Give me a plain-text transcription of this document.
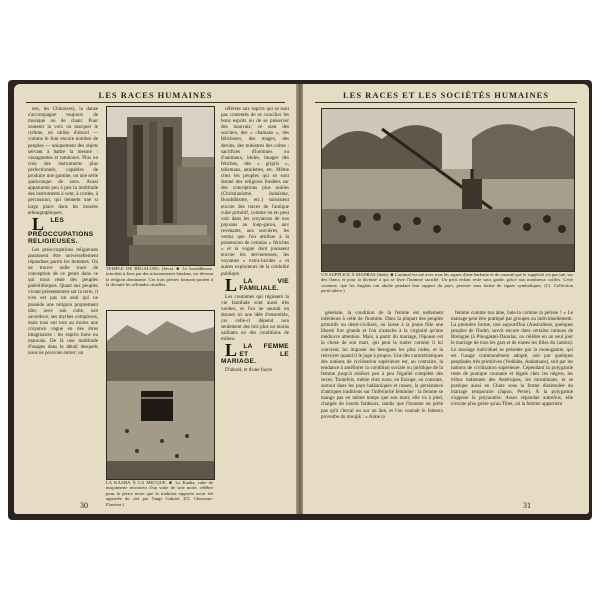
LES RACES HUMAINES

nes, les Chinoises), la danse s'accompagne toujours de musique ou de chant. Pour soutenir la voix ou marquer le rythme, on utilise d'abord — comme le font encore nombre de peuples — uniquement des objets servant à battre la mesure : castagnettes et tambours. Plus on créa des instruments plus perfectionnés, capables de produire une gamme, on une série quelconque de sons. Aussi apparurent peu à peu la multitude des instruments à vent, à cordes, à percussion, qui tiennent une si large place dans les musées ethnographiques.

LLES PRÉOCCUPATIONS RELIGIEUSES.

Les préoccupations religieuses paraissent être universellement répandues parmi les hommes. On ne trouve nulle trace de conception de ce genre dans ce qui nous reste des peuples paléolithiques. Quant aux peuples vivant présentement sur la terre, il n'en est pas un seul qui ne possède une religion proprement dite; avec son culte, son sacerdoce, ses mythes complexes, mais tous ont tout au moins une croyance vague en des êtres imaginaires : les esprits bons ou mauvais. De là une multitude d'usages dans le détail desquels nous ne pouvons entrer; un

TEMPLE DE BÉGALONG (Java). ■ Le bouddhisme, introduit à Java par des missionnaires hindous, est devenu la religion dominante. Ces trois pierres formant portent à la divinité les offrandes rituelles.
LA KAABA À LA MECQUE. ■ La Kaaba, cube de maçonnerie recouvert d'un voile de soie noire, célèbre pour la pierre noire que la tradition rapporte avoir été apportée du ciel par l'ange Gabriel. (Cl. Chusseau-Flaviens.)

référent aux esprits qui se sont pas contentés de se concilier les bons esprits ou de se préserver des mauvais; ce sont des sorciers, des « chamans », des féticheurs, des mages, des devins, des ministres des cultes : sacrifices d'hommes ou d'animaux, idoles, images des fétiches, des « grigris », talismans, amulettes, etc. Même chez les peuples qui se sont donné des religions fondées sur des conceptions plus nobles (Christianisme, Judaïsme, Bouddhisme, etc.) subsistent encore des traces de l'antique culte primitif, comme on en peut voir dans les croyances de nos paysans au loup-garou, aux revenants, aux sorcières, les vertus que l'on attribue à la possession de certains « fétiches » et la vogue dont jouissent encore les devineresses, les voyantes « extra-lucides » et autres exploiteurs de la crédulité publique.

LLA VIE FAMILIALE.

Les coutumes qui régissent la vie familiale sont aussi très variées, et l'on ne saurait en donner ici une idée d'ensemble, car celle-ci dépend non seulement des lois plus ou moins saillants en des conditions de milieu.

LLA FEMME ET LE MARIAGE.

D'abord, et d'une façon

30
LES RACES ET LES SOCIÉTÉS HUMAINES
UN SUPPLICE À MADRAS (Inde). ■ L'animal est tué avec tous les signes d'une barbarie et de cruauté que le supplicié n'a pas tué, sur des flancs et pour la divinité à qui se livre l'homme sacrifié. Un petit enfant reste sous garde, grâce aux nombreux coiffes. Cette coutume, que les Anglais ont abolie pendant leur rapport du pays, persiste sous forme de signes symboliques. (Cl. Collection particulière.)

générale, la condition de la femme est nettement inférieure à celle de l'homme. Dans la plupart des peuples primitifs ou demi-civilisés, on laisse à la jeune fille une liberté fort grande et l'on n'attache à la virginité qu'une médiocre attention. Mais, à partir du mariage, l'épouse est la chose de son mari, qui peut la traiter comme il lui convient, lui imposer les besognes les plus rudes, et la renvoyer quand il le juge à propos. Une des caractéristiques des nations de civilisation supérieure est, au contraire, la tendance à améliorer la condition sociale ou juridique de la femme jusqu'à réaliser peu à peu l'égalité complète des sexes. Toutefois, même chez nous, en Europe, on constate, surtout dans les pays balkaniques et russes, la persistance d'antiques traditions sur l'infériorité féminine : la femme se mange pas en même temps que son mari; elle va à pied, chargée de lourds fardeaux, tandis que l'homme ne prête pas qu'à cheval ou sur un âne, et l'on connaît le fameux proverbe du moujik : « Aime ta

femme comme ton âme, bats-la comme ta pelisse ! » Le mariage peut être pratiqué par groupes ou individuellement. La première forme, rare aujourd'hui (Australiens, quelques peuples de l'Inde), survit encore dans certains cantons de Bretagne (à Plougastel-Daoulas, on célèbre en un seul jour le mariage de tous les gars et de toutes les filles du canton). Le mariage individuel se présente par la monogamie, qui est l'usage communément adopté, soit par quelques peuplades très primitives (Veddahs, Andamans), soit par les nations de civilisation supérieure. Cependant la polygamie reste de pratique courante et légale chez les nègres, les tribus indiennes des Amériques, les musulmans, et se pratique aussi en Chine sous la forme dissimulée du mariage temporaire (Japon, Perse). À la polygamie s'oppose la polyandrie. Assez répandue autrefois, elle n'existe plus guère qu'au Tibet, où la femme appartient

31
